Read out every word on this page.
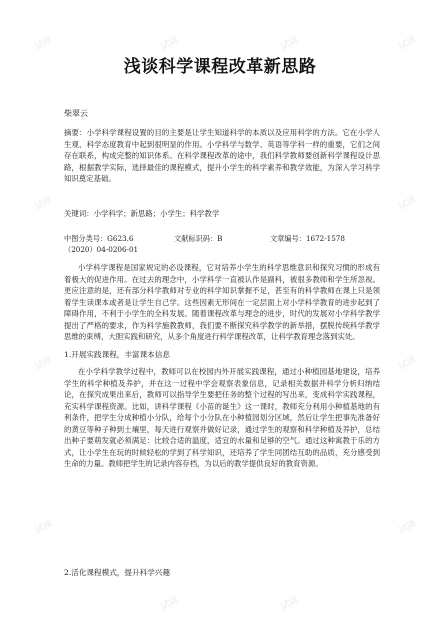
试读	试读	试读	试读
试读	试读
试读	试读
试读
试读	试读
试读
浅谈科学课程改革新思路
柴翠云
摘要：小学科学课程设置的目的主要是让学生知道科学的本质以及应用科学的方法。它在小学人生观、科学态度教育中起到很明显的作用。小学科学与数学、英语等学科一样的重要，它们之间存在联系，构成完整的知识体系。在科学课程改革的途中，我们科学教师要创新科学课程设计思路，根据教学实际，选择最佳的课程模式，提升小学生的科学素养和教学效能，为深入学习科学知识奠定基础。
关键词：小学科学；新思路；小学生；科学教学
中图分类号：G623.6	文献标识码：B	文章编号：1672-1578
（2020）04-0206-01
小学科学课程是国家规定的必设课程，它对培养小学生的科学思维意识和探究习惯的形成有着极大的促进作用。在过去的理念中，小学科学一直被认作是副科，被很多教师和学生所忽视。更应注意的是，还有部分科学教师对专业的科学知识掌握不足，甚至有的科学教师在课上只是领着学生读课本或者是让学生自己学。这些因素无形间在一定层面上对小学科学教育的进步起到了障碍作用，不利于小学生的全科发展。随着课程改革与理念的进步，时代的发展对小学科学教学提出了严格的要求，作为科学施教教师，我们要不断探究科学教学的新举措，摆脱传统科学教学思维的束缚，大胆实践和研究，从多个角度进行科学课程改革，让科学教育理念落到实处。
1.开展实践课程，丰富课本信息
在小学科学教学过程中，教师可以在校园内外开展实践课程，通过小种植园基地建设，培养学生的科学种植及养护，并在这一过程中学会观察表象信息，记录相关数据并科学分析归纳结论，在探究成果出来后，教师可以指导学生要把任务的整个过程的写出来，变成科学实践课程，充实科学课程资源。比如，讲科学课程《小苗的诞生》这一课时，教师充分利用小种植基地的有利条件，把学生分成种植小分队，给每个小分队在小种植园划分区域，然后让学生把事先准备好的黄豆等种子种到土壤里，每天进行观察并做好记录，通过学生的观察和科学种植及养护，总结出种子要萌发就必须满足：比较合适的温度，适宜的水量和足够的空气。通过这种寓教于乐的方式，让小学生在玩的时候轻松的学到了科学知识，还培养了学生同团结互助的品质，充分感受到生命的力量。教师把学生的记录内容存档，为以后的教学提供良好的教育资源。
2.活化课程模式，提升科学兴趣
